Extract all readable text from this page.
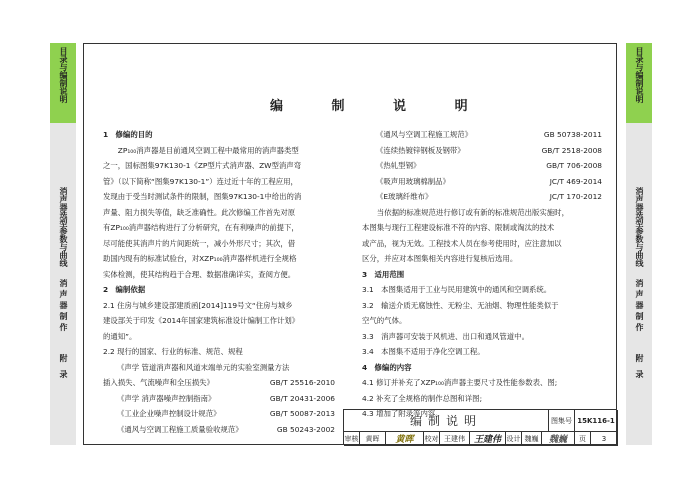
目录与编制说明
消声器选型参数与曲线
消声器制作
附录
目录与编制说明
消声器选型参数与曲线
消声器制作
附录
编 制 说 明
1　修编的目的
ZP₁₀₀消声器是目前通风空调工程中最常用的消声器类型
之一，国标图集97K130-1《ZP型片式消声器、ZW型消声弯
管》（以下简称“图集97K130-1”）连过近十年的工程应用，
发现由于受当时测试条件的限制，图集97K130-1中给出的消
声量、阻力损失等值，缺乏准确性。此次修编工作首先对原
有ZP₁₀₀消声器结构进行了分析研究，在有利噪声的前提下，
尽可能使其消声片的片间距统一，减小外形尺寸；其次，借
助国内现有的标准试验台，对XZP₁₀₀消声器样机进行全规格
实体检测，使其结构趋于合理、数据准确详实，查阅方便。
2　编制依据
2.1 住房与城乡建设部建质函[2014]119号文“住房与城乡
建设部关于印发《2014年国家建筑标准设计编制工作计划》
的通知”。
2.2 现行的国家、行业的标准、规范、规程
《声学 管道消声器和风道末端单元的实验室测量方法
插入损失、气流噪声和全压损失》	GB/T 25516-2010
《声学 消声器噪声控制指南》	GB/T 20431-2006
《工业企业噪声控制设计规范》	GB/T 50087-2013
《通风与空调工程施工质量验收规范》	GB 50243-2002
《通风与空调工程施工规范》	GB 50738-2011
《连续热镀锌钢板及钢带》	GB/T 2518-2008
《热轧型钢》	GB/T 706-2008
《吸声用玻璃棉制品》	JC/T 469-2014
《E玻璃纤维布》	JC/T 170-2012
当依据的标准规范进行修订或有新的标准规范出版实施时，
本图集与现行工程建设标准不符的内容、限制或淘汰的技术
或产品，视为无效。工程技术人员在参考使用时，应注意加以
区分，并应对本图集相关内容进行复核后选用。
3　适用范围
3.1　本图集适用于工业与民用建筑中的通风和空调系统。
3.2　输送介质无腐蚀性、无粉尘、无油烟、物理性能类似于
空气的气体。
3.3　消声器可安装于风机进、出口和通风管道中。
3.4　本图集不适用于净化空调工程。
4　修编的内容
4.1 修订并补充了XZP₁₀₀消声器主要尺寸及性能参数表、图;
4.2 补充了全规格的制作总图和详图;
4.3 增加了附录等内容。
编制说明	图集号 15K116-1
审核	黄晖	黄晖	校对 王建伟 王建伟 设计 魏巍	魏巍	页	3
